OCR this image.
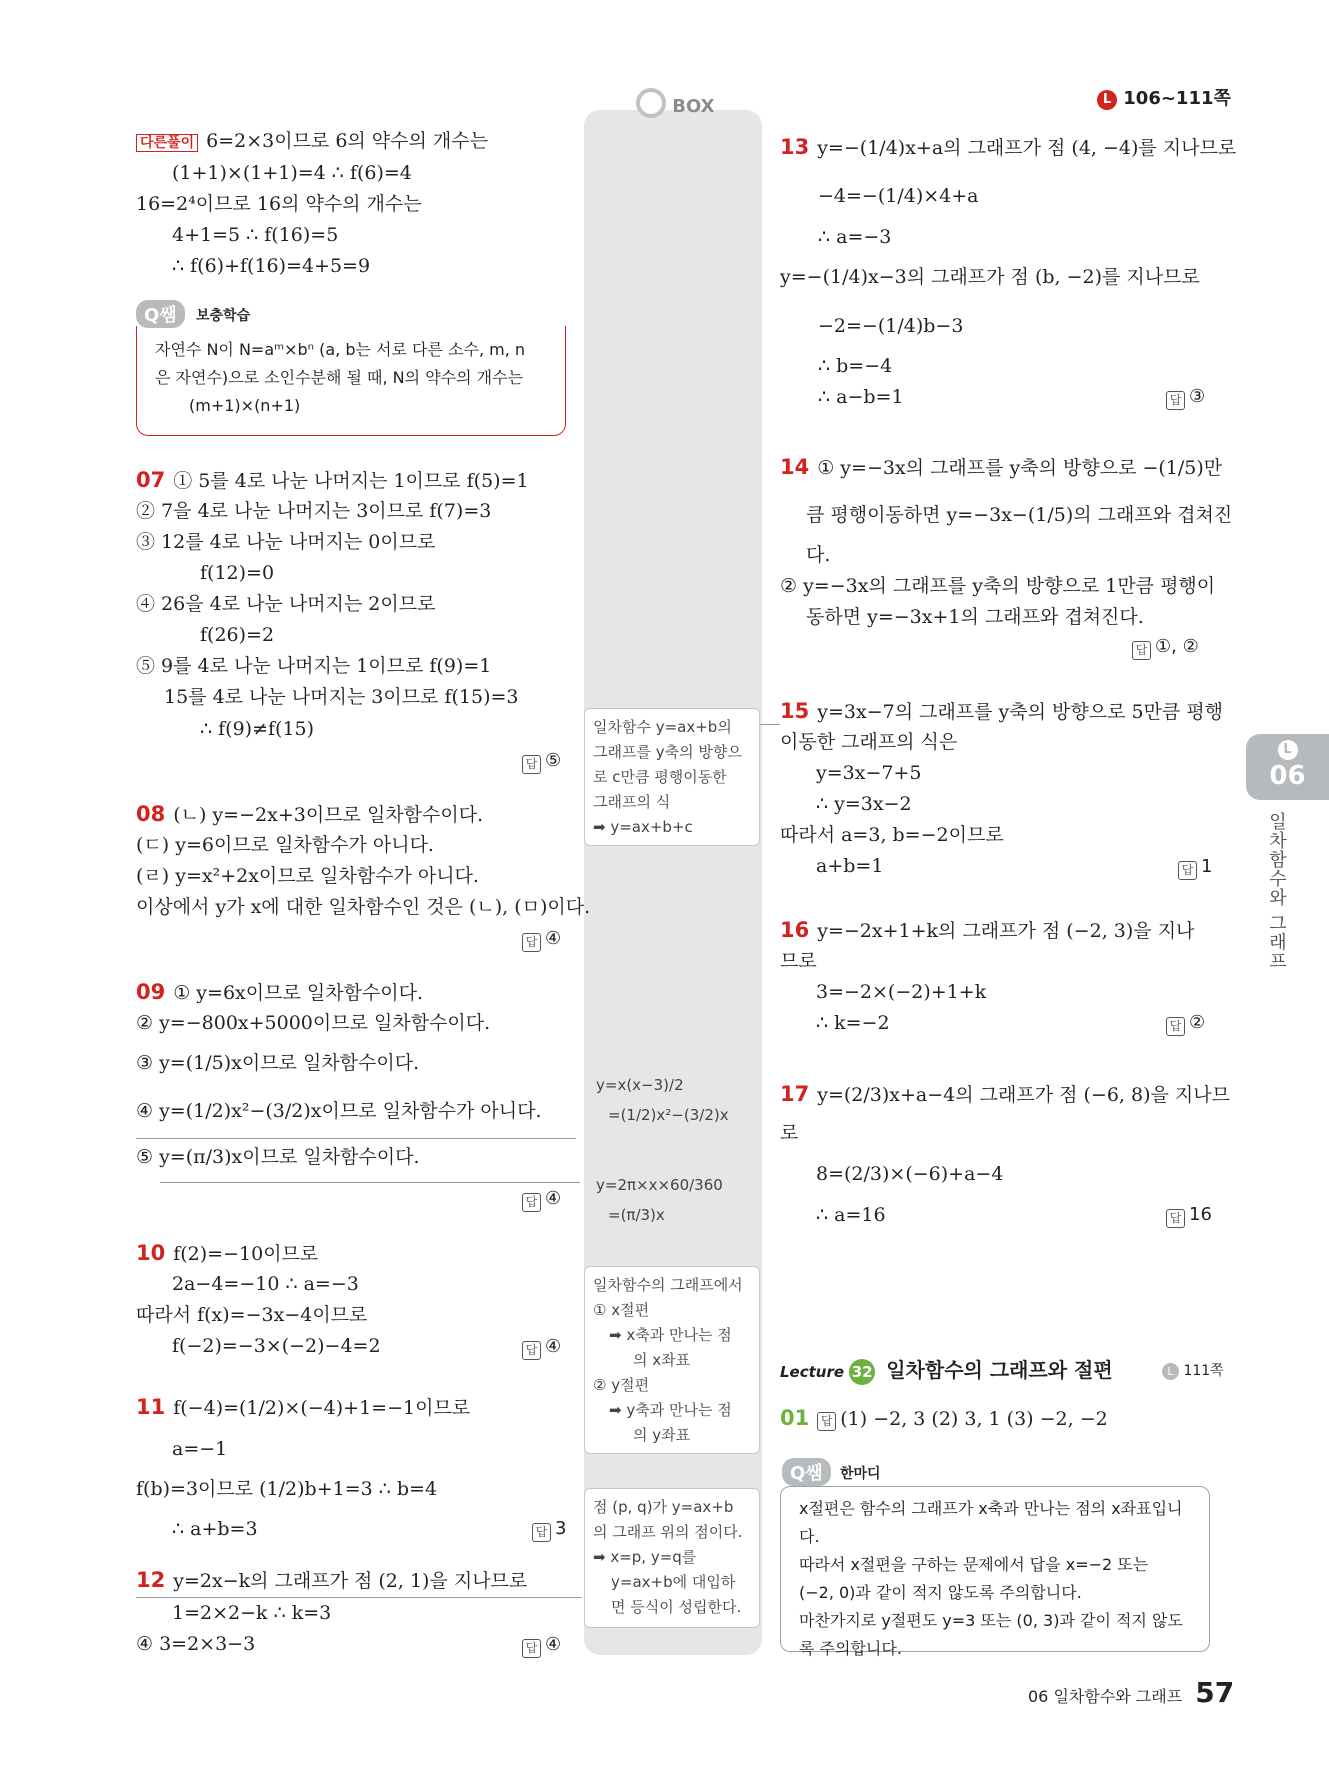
L 106~111쪽
BOX
다른풀이 6=2×3이므로 6의 약수의 개수는
(1+1)×(1+1)=4 ∴ f(6)=4
16=2⁴이므로 16의 약수의 개수는
4+1=5 ∴ f(16)=5
∴ f(6)+f(16)=4+5=9
Q쌤	보충학습
자연수 N이 N=aᵐ×bⁿ (a, b는 서로 다른 소수, m, n
은 자연수)으로 소인수분해 될 때, N의 약수의 개수는
(m+1)×(n+1)
07 ① 5를 4로 나눈 나머지는 1이므로 f(5)=1
② 7을 4로 나눈 나머지는 3이므로 f(7)=3
③ 12를 4로 나눈 나머지는 0이므로
f(12)=0
④ 26을 4로 나눈 나머지는 2이므로
f(26)=2
⑤ 9를 4로 나눈 나머지는 1이므로 f(9)=1
15를 4로 나눈 나머지는 3이므로 f(15)=3
∴ f(9)≠f(15)
답 ⑤
08 (ㄴ) y=−2x+3이므로 일차함수이다.
(ㄷ) y=6이므로 일차함수가 아니다.
(ㄹ) y=x²+2x이므로 일차함수가 아니다.
이상에서 y가 x에 대한 일차함수인 것은 (ㄴ), (ㅁ)이다.
답 ④
09 ① y=6x이므로 일차함수이다.
② y=−800x+5000이므로 일차함수이다.
③ y=(1/5)x이므로 일차함수이다.
④ y=(1/2)x²−(3/2)x이므로 일차함수가 아니다.
⑤ y=(π/3)x이므로 일차함수이다.
답 ④
10 f(2)=−10이므로
2a−4=−10 ∴ a=−3
따라서 f(x)=−3x−4이므로
f(−2)=−3×(−2)−4=2	답 ④
11 f(−4)=(1/2)×(−4)+1=−1이므로
a=−1
f(b)=3이므로 (1/2)b+1=3 ∴ b=4
∴ a+b=3	답 3
12 y=2x−k의 그래프가 점 (2, 1)을 지나므로
1=2×2−k ∴ k=3
④ 3=2×3−3	답 ④
일차함수 y=ax+b의
그래프를 y축의 방향으
로 c만큼 평행이동한
그래프의 식
➡ y=ax+b+c
y=x(x−3)/2
=(1/2)x²−(3/2)x
y=2π×x×60/360
=(π/3)x
일차함수의 그래프에서
① x절편
➡ x축과 만나는 점
의 x좌표
② y절편
➡ y축과 만나는 점
의 y좌표
점 (p, q)가 y=ax+b
의 그래프 위의 점이다.
➡ x=p, y=q를
y=ax+b에 대입하
면 등식이 성립한다.
13 y=−(1/4)x+a의 그래프가 점 (4, −4)를 지나므로
−4=−(1/4)×4+a
∴ a=−3
y=−(1/4)x−3의 그래프가 점 (b, −2)를 지나므로
−2=−(1/4)b−3
∴ b=−4
∴ a−b=1	답 ③
14 ① y=−3x의 그래프를 y축의 방향으로 −(1/5)만
큼 평행이동하면 y=−3x−(1/5)의 그래프와 겹쳐진
다.
② y=−3x의 그래프를 y축의 방향으로 1만큼 평행이
동하면 y=−3x+1의 그래프와 겹쳐진다.
답 ①, ②
15 y=3x−7의 그래프를 y축의 방향으로 5만큼 평행
이동한 그래프의 식은
y=3x−7+5
∴ y=3x−2
따라서 a=3, b=−2이므로
a+b=1	답 1
16 y=−2x+1+k의 그래프가 점 (−2, 3)을 지나
므로
3=−2×(−2)+1+k
∴ k=−2	답 ②
17 y=(2/3)x+a−4의 그래프가 점 (−6, 8)을 지나므
로
8=(2/3)×(−6)+a−4
∴ a=16	답 16
Lecture 32 일차함수의 그래프와 절편	L 111쪽
01 답 (1) −2, 3 (2) 3, 1 (3) −2, −2
Q쌤	한마디
x절편은 함수의 그래프가 x축과 만나는 점의 x좌표입니다.
따라서 x절편을 구하는 문제에서 답을 x=−2 또는
(−2, 0)과 같이 적지 않도록 주의합니다.
마찬가지로 y절편도 y=3 또는 (0, 3)과 같이 적지 않도
록 주의합니다.
L
06
일차함수와 그래프
06 일차함수와 그래프 57
